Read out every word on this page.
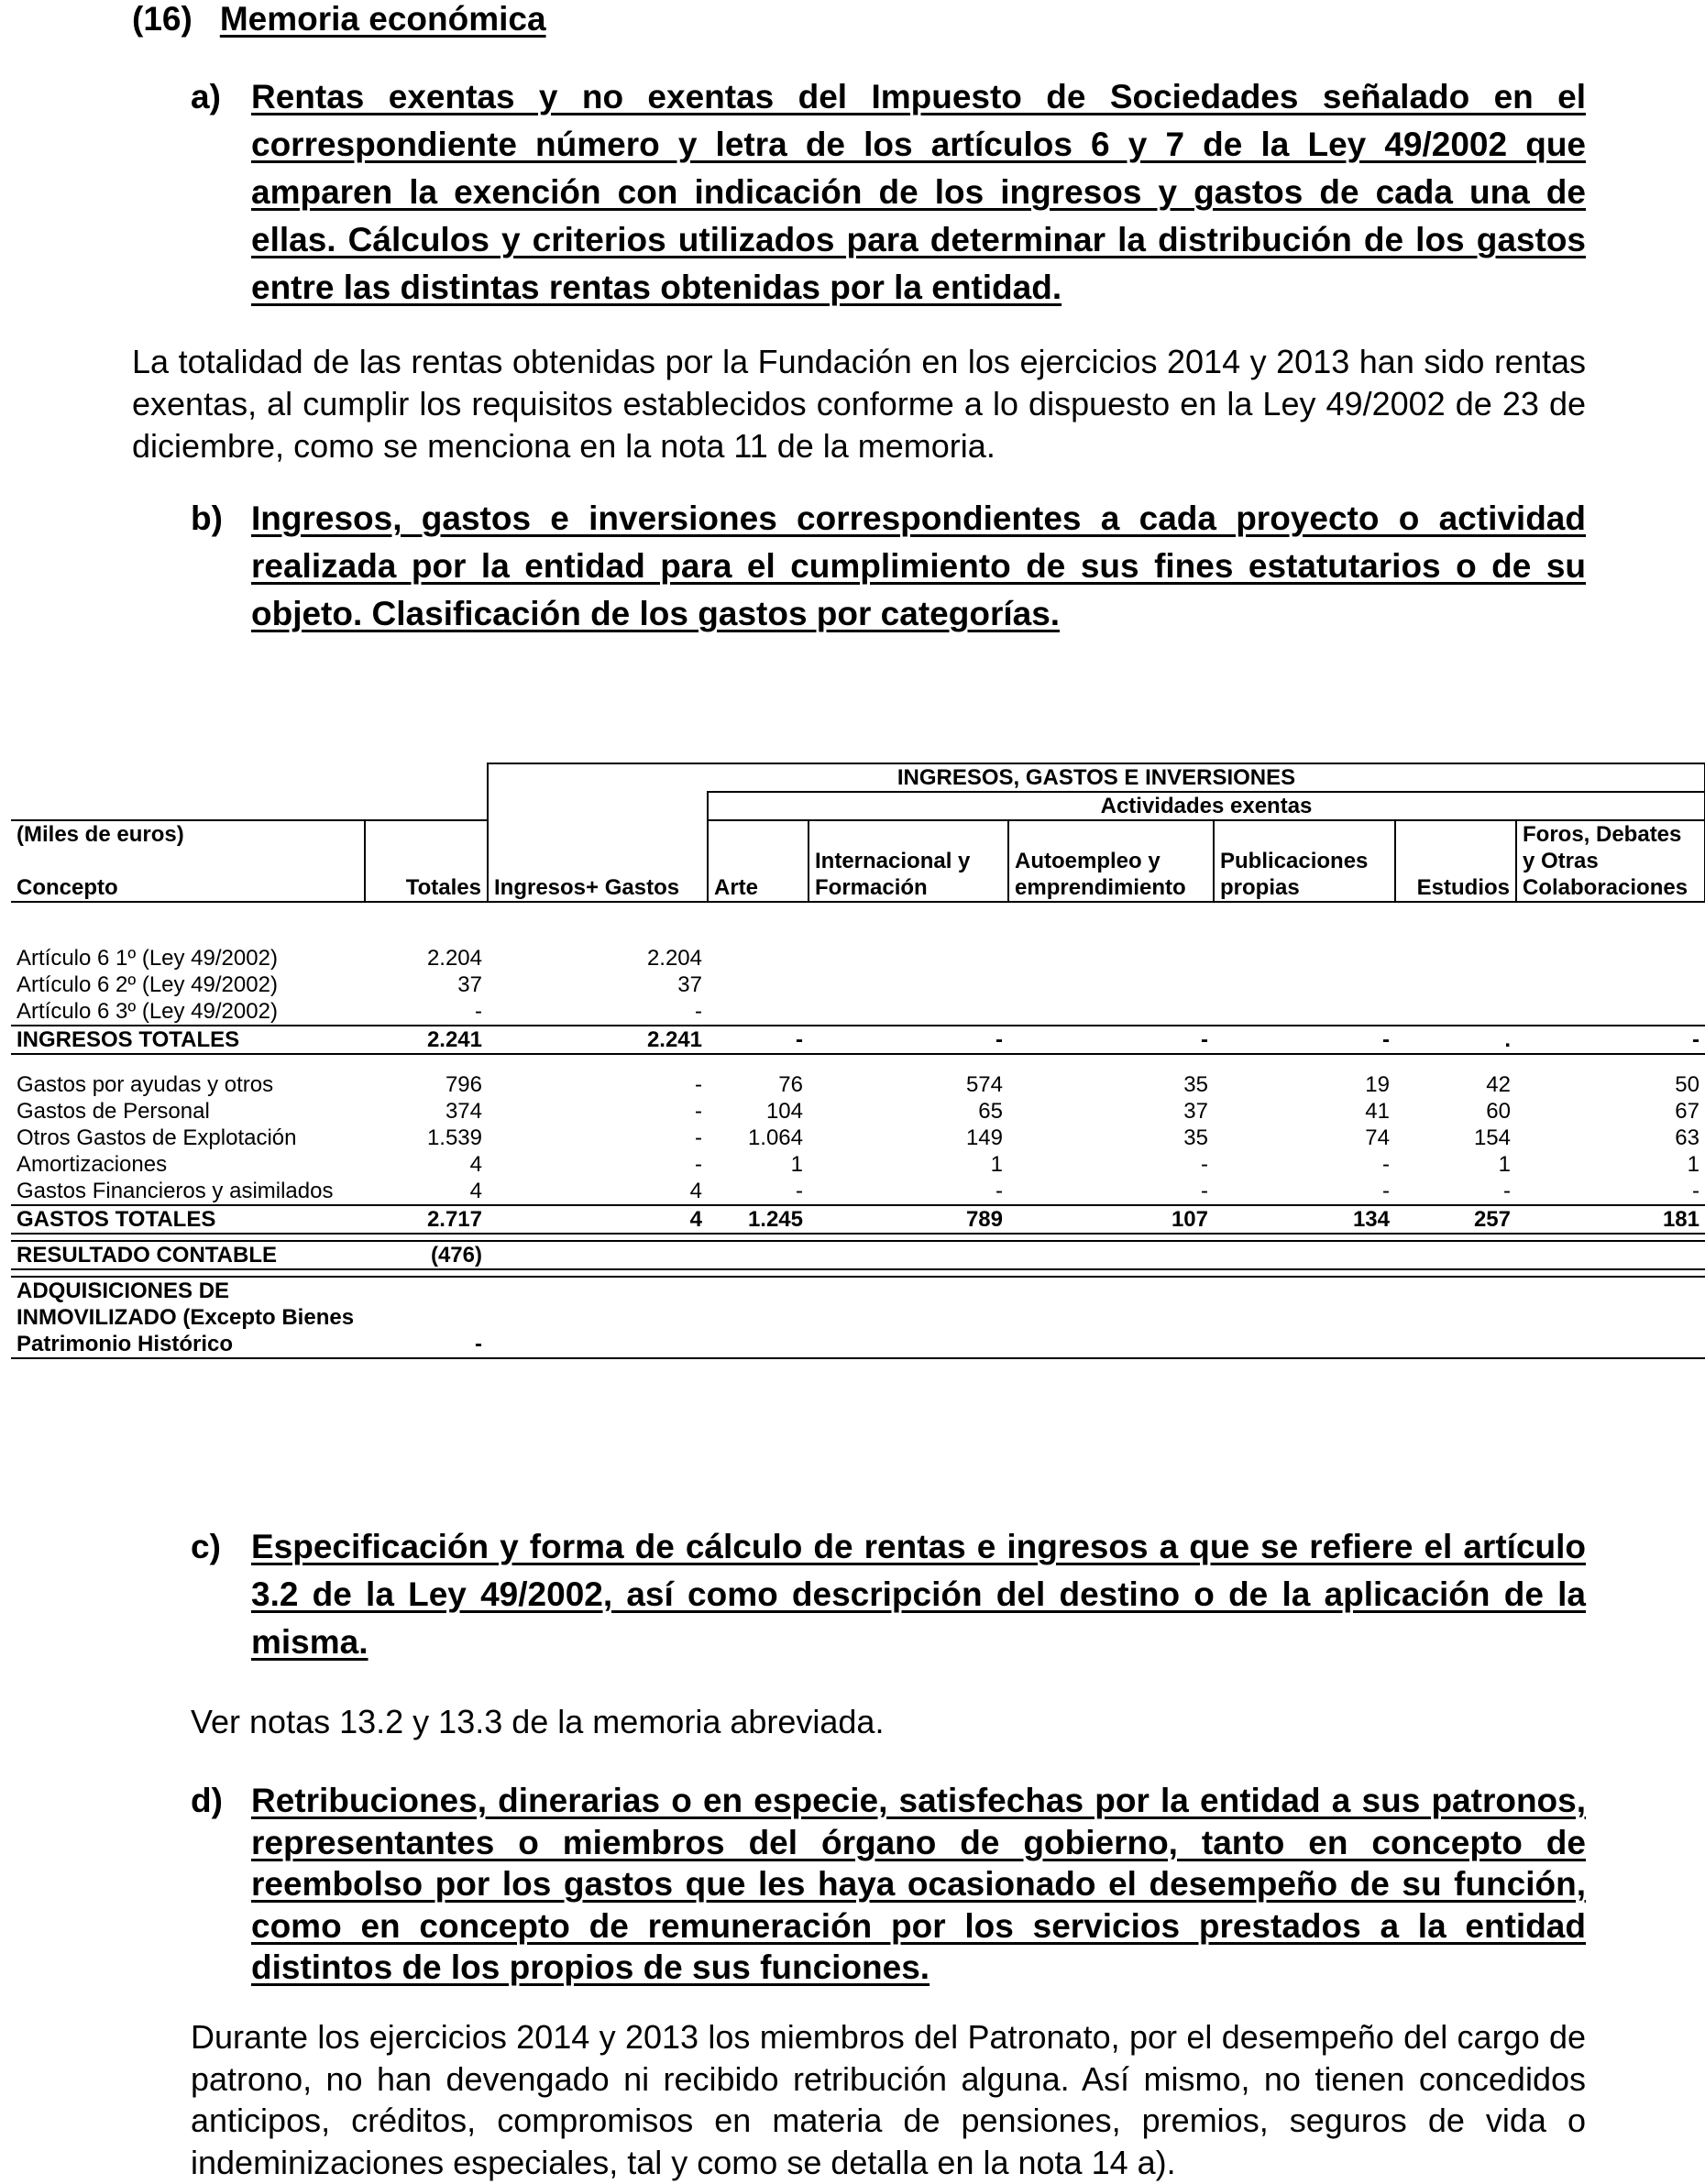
(16) Memoria económica
a) Rentas exentas y no exentas del Impuesto de Sociedades señalado en el correspondiente número y letra de los artículos 6 y 7 de la Ley 49/2002 que amparen la exención con indicación de los ingresos y gastos de cada una de ellas. Cálculos y criterios utilizados para determinar la distribución de los gastos entre las distintas rentas obtenidas por la entidad.
La totalidad de las rentas obtenidas por la Fundación en los ejercicios 2014 y 2013 han sido rentas exentas, al cumplir los requisitos establecidos conforme a lo dispuesto en la Ley 49/2002 de 23 de diciembre, como se menciona en la nota 11 de la memoria.
b) Ingresos, gastos e inversiones correspondientes a cada proyecto o actividad realizada por la entidad para el cumplimiento de sus fines estatutarios o de su objeto. Clasificación de los gastos por categorías.
		INGRESOS, GASTOS E INVERSIONES						
			Actividades exentas					
(Miles de euros)								Foros, Debates
Concepto	Totales	Ingresos+ Gastos	Arte	Internacional y Formación	Autoempleo y emprendimiento	Publicaciones propias	Estudios	y Otras Colaboraciones

Artículo 6 1º (Ley 49/2002)	2.204	2.204						
Artículo 6 2º (Ley 49/2002)	37	37						
Artículo 6 3º (Ley 49/2002)	-	-						
INGRESOS TOTALES	2.241	2.241	-	-	-	-	.	-

Gastos por ayudas y otros	796	-	76	574	35	19	42	50
Gastos de Personal	374	-	104	65	37	41	60	67
Otros Gastos de Explotación	1.539	-	1.064	149	35	74	154	63
Amortizaciones	4	-	1	1	-	-	1	1
Gastos Financieros y asimilados	4	4	-	-	-	-	-	-
GASTOS TOTALES	2.717	4	1.245	789	107	134	257	181

RESULTADO CONTABLE	(476)							

ADQUISICIONES DE INMOVILIZADO (Excepto Bienes Patrimonio Histórico	-							
c) Especificación y forma de cálculo de rentas e ingresos a que se refiere el artículo 3.2 de la Ley 49/2002, así como descripción del destino o de la aplicación de la misma.
Ver notas 13.2 y 13.3 de la memoria abreviada.
d) Retribuciones, dinerarias o en especie, satisfechas por la entidad a sus patronos, representantes o miembros del órgano de gobierno, tanto en concepto de reembolso por los gastos que les haya ocasionado el desempeño de su función, como en concepto de remuneración por los servicios prestados a la entidad distintos de los propios de sus funciones.
Durante los ejercicios 2014 y 2013 los miembros del Patronato, por el desempeño del cargo de patrono, no han devengado ni recibido retribución alguna. Así mismo, no tienen concedidos anticipos, créditos, compromisos en materia de pensiones, premios, seguros de vida o indeminizaciones especiales, tal y como se detalla en la nota 14 a).
